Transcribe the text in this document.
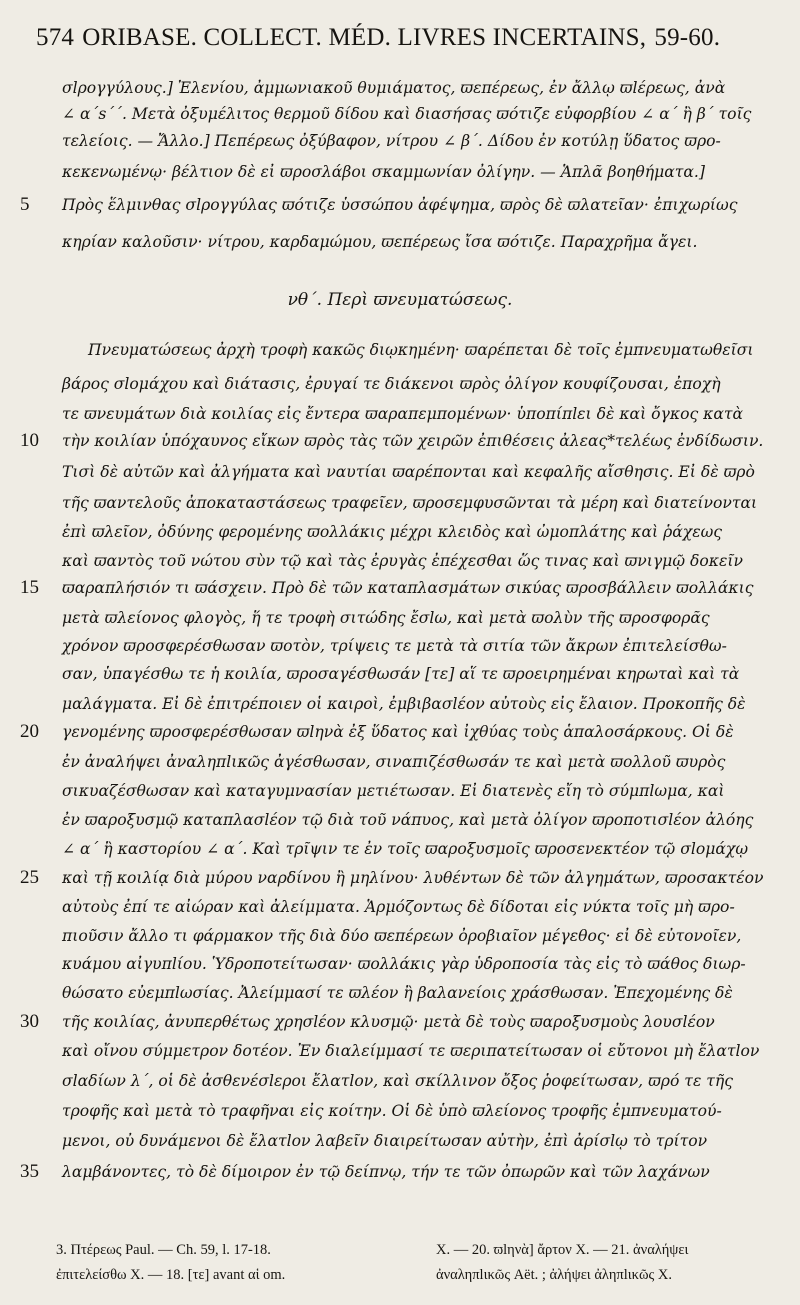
574 ORIBASE. COLLECT. MÉD. LIVRES INCERTAINS, 59-60.
σlρογγύλους.] Ἐλενίου, ἀμμωνιακοῦ θυμιάματος, ϖεπέρεως, ἐν ἄλλῳ ϖlέρεως, ἀνὰ
∠ α΄s΄΄. Μετὰ ὀξυμέλιτος θερμοῦ δίδου καὶ διασήσας ϖότιζε εὐφορβίου ∠ α΄ ἢ β΄ τοῖς
τελείοις. — Ἄλλο.] Πεπέρεως ὀξύβαφον, νίτρου ∠ β΄. Δίδου ἐν κοτύλῃ ὕδατος ϖρο-
κεκενωμένῳ· βέλτιον δὲ εἰ ϖροσλάβοι σκαμμωνίαν ὀλίγην. — Ἁπλᾶ βοηθήματα.]
5	Πρὸς ἕλμινθας σlρογγύλας ϖότιζε ὑσσώπου ἀφέψημα, ϖρὸς δὲ ϖλατεῖαν· ἐπιχωρίως
κηρίαν καλοῦσιν· νίτρου, καρδαμώμου, ϖεπέρεως ἴσα ϖότιζε. Παραχρῆμα ἄγει.
νθ΄. Περὶ ϖνευματώσεως.
Πνευματώσεως ἀρχὴ τροφὴ κακῶς διῳκημένη· ϖαρέπεται δὲ τοῖς ἐμπνευματωθεῖσι
βάρος σlομάχου καὶ διάτασις, ἐρυγαί τε διάκενοι ϖρὸς ὀλίγον κουφίζουσαι, ἐποχὴ
τε ϖνευμάτων διὰ κοιλίας εἰς ἔντερα ϖαραπεμπομένων· ὑποπίπlει δὲ καὶ ὄγκος κατὰ
10	τὴν κοιλίαν ὑπόχαυνος εἴκων ϖρὸς τὰς τῶν χειρῶν ἐπιθέσεις ἀλεας*τελέως ἐνδίδωσιν.
Τισὶ δὲ αὐτῶν καὶ ἀλγήματα καὶ ναυτίαι ϖαρέπονται καὶ κεφαλῆς αἴσθησις. Εἰ δὲ ϖρὸ
τῆς ϖαντελοῦς ἀποκαταστάσεως τραφεῖεν, ϖροσεμφυσῶνται τὰ μέρη καὶ διατείνονται
ἐπὶ ϖλεῖον, ὀδύνης φερομένης ϖολλάκις μέχρι κλειδὸς καὶ ὠμοπλάτης καὶ ῥάχεως
καὶ ϖαντὸς τοῦ νώτου σὺν τῷ καὶ τὰς ἐρυγὰς ἐπέχεσθαι ὥς τινας καὶ ϖνιγμῷ δοκεῖν
15	ϖαραπλήσιόν τι ϖάσχειν. Πρὸ δὲ τῶν καταπλασμάτων σικύας ϖροσβάλλειν ϖολλάκις
μετὰ ϖλείονος φλογὸς, ἥ τε τροφὴ σιτώδης ἔσlω, καὶ μετὰ ϖολὺν τῆς ϖροσφορᾶς
χρόνον ϖροσφερέσθωσαν ϖοτὸν, τρίψεις τε μετὰ τὰ σιτία τῶν ἄκρων ἐπιτελείσθω-
σαν, ὑπαγέσθω τε ἡ κοιλία, ϖροσαγέσθωσάν [τε] αἵ τε ϖροειρημέναι κηρωταὶ καὶ τὰ
μαλάγματα. Εἰ δὲ ἐπιτρέποιεν οἱ καιροὶ, ἐμβιβασlέον αὐτοὺς εἰς ἔλαιον. Προκοπῆς δὲ
20	γενομένης ϖροσφερέσθωσαν ϖlηνὰ ἐξ ὕδατος καὶ ἰχθύας τοὺς ἁπαλοσάρκους. Οἱ δὲ
ἐν ἀναλήψει ἀναληπlικῶς ἀγέσθωσαν, σιναπιζέσθωσάν τε καὶ μετὰ ϖολλοῦ ϖυρὸς
σικυαζέσθωσαν καὶ καταγυμνασίαν μετιέτωσαν. Εἰ διατενὲς εἴη τὸ σύμπlωμα, καὶ
ἐν ϖαροξυσμῷ καταπλασlέον τῷ διὰ τοῦ νάπυος, καὶ μετὰ ὀλίγον ϖροποτισlέον ἀλόης
∠ α΄ ἢ καστορίου ∠ α΄. Καὶ τρῖψιν τε ἐν τοῖς ϖαροξυσμοῖς ϖροσενεκτέον τῷ σlομάχῳ
25	καὶ τῇ κοιλίᾳ διὰ μύρου ναρδίνου ἢ μηλίνου· λυθέντων δὲ τῶν ἀλγημάτων, ϖροσακτέον
αὐτοὺς ἐπί τε αἰώραν καὶ ἀλείμματα. Ἁρμόζοντως δὲ δίδοται εἰς νύκτα τοῖς μὴ ϖρο-
πιοῦσιν ἄλλο τι φάρμακον τῆς διὰ δύο ϖεπέρεων ὀροβιαῖον μέγεθος· εἰ δὲ εὐτονοῖεν,
κυάμου αἰγυπlίου. Ὑδροποτείτωσαν· ϖολλάκις γὰρ ὑδροποσία τὰς εἰς τὸ ϖάθος διωρ-
θώσατο εὐεμπlωσίας. Ἀλείμμασί τε ϖλέον ἢ βαλανείοις χράσθωσαν. Ἐπεχομένης δὲ
30	τῆς κοιλίας, ἀνυπερθέτως χρησlέον κλυσμῷ· μετὰ δὲ τοὺς ϖαροξυσμοὺς λουσlέον
καὶ οἴνου σύμμετρον δοτέον. Ἐν διαλείμμασί τε ϖεριπατείτωσαν οἱ εὔτονοι μὴ ἔλατlον
σlαδίων λ΄, οἱ δὲ ἀσθενέσlεροι ἔλατlον, καὶ σκίλλινον ὄξος ῥοφείτωσαν, ϖρό τε τῆς
τροφῆς καὶ μετὰ τὸ τραφῆναι εἰς κοίτην. Οἱ δὲ ὑπὸ ϖλείονος τροφῆς ἐμπνευματού-
μενοι, οὐ δυνάμενοι δὲ ἔλατlον λαβεῖν διαιρείτωσαν αὐτὴν, ἐπὶ ἀρίσlῳ τὸ τρίτον
35	λαμβάνοντες, τὸ δὲ δίμοιρον ἐν τῷ δείπνῳ, τήν τε τῶν ὀπωρῶν καὶ τῶν λαχάνων
3. Πτέρεως Paul. — Ch. 59, l. 17-18.
ἐπιτελείσθω X. — 18. [τε] avant αἱ om.
X. — 20. ϖlηνὰ] ἄρτον X. — 21. ἀναλήψει
ἀναληπlικῶς Aët. ; ἀλήψει ἀληπlικῶς X.
